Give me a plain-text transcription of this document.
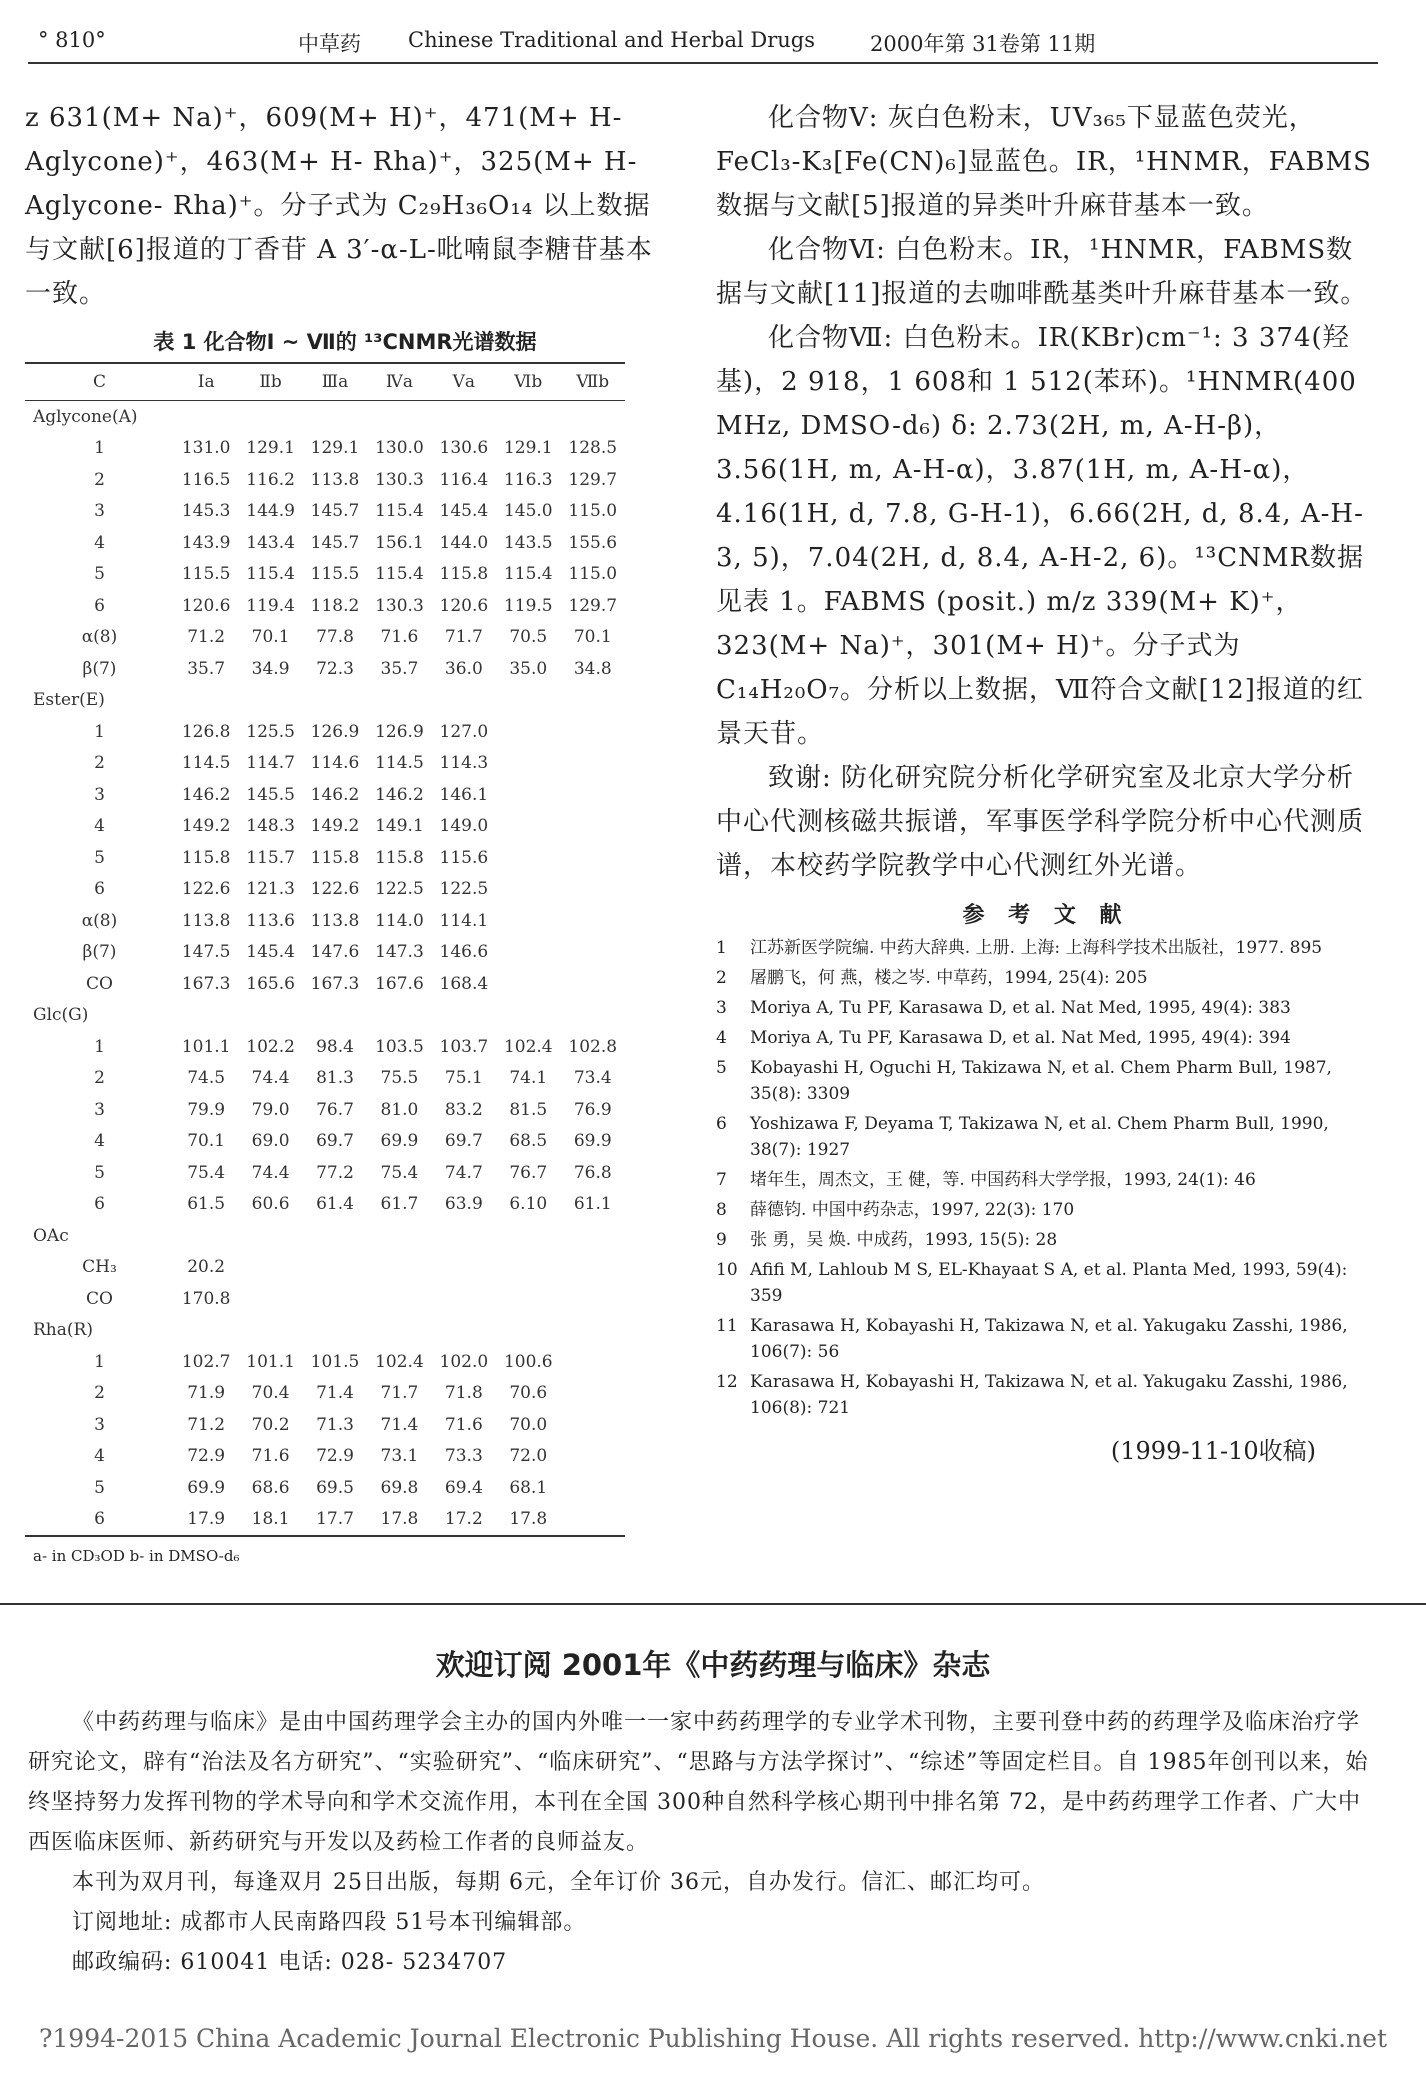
° 810°	中草药 Chinese Traditional and Herbal Drugs	2000年第 31卷第 11期

z 631(M+ Na)⁺，609(M+ H)⁺，471(M+ H-Aglycone)⁺，463(M+ H- Rha)⁺，325(M+ H-Aglycone- Rha)⁺。分子式为 C₂₉H₃₆O₁₄ 以上数据与文献[6]报道的丁香苷 A 3′-α-L-吡喃鼠李糖苷基本一致。

表 1 化合物Ⅰ ~ Ⅶ的 ¹³CNMR光谱数据
C	Ⅰa	Ⅱb	Ⅲa	Ⅳa	Ⅴa	Ⅵb	Ⅶb
Aglycone(A)							
1	131.0	129.1	129.1	130.0	130.6	129.1	128.5
2	116.5	116.2	113.8	130.3	116.4	116.3	129.7
3	145.3	144.9	145.7	115.4	145.4	145.0	115.0
4	143.9	143.4	145.7	156.1	144.0	143.5	155.6
5	115.5	115.4	115.5	115.4	115.8	115.4	115.0
6	120.6	119.4	118.2	130.3	120.6	119.5	129.7
α(8)	71.2	70.1	77.8	71.6	71.7	70.5	70.1
β(7)	35.7	34.9	72.3	35.7	36.0	35.0	34.8
Ester(E)							
1	126.8	125.5	126.9	126.9	127.0		
2	114.5	114.7	114.6	114.5	114.3		
3	146.2	145.5	146.2	146.2	146.1		
4	149.2	148.3	149.2	149.1	149.0		
5	115.8	115.7	115.8	115.8	115.6		
6	122.6	121.3	122.6	122.5	122.5		
α(8)	113.8	113.6	113.8	114.0	114.1		
β(7)	147.5	145.4	147.6	147.3	146.6		
CO	167.3	165.6	167.3	167.6	168.4		
Glc(G)							
1	101.1	102.2	98.4	103.5	103.7	102.4	102.8
2	74.5	74.4	81.3	75.5	75.1	74.1	73.4
3	79.9	79.0	76.7	81.0	83.2	81.5	76.9
4	70.1	69.0	69.7	69.9	69.7	68.5	69.9
5	75.4	74.4	77.2	75.4	74.7	76.7	76.8
6	61.5	60.6	61.4	61.7	63.9	6.10	61.1
OAc							
CH₃	20.2						
CO	170.8						
Rha(R)							
1	102.7	101.1	101.5	102.4	102.0	100.6	
2	71.9	70.4	71.4	71.7	71.8	70.6	
3	71.2	70.2	71.3	71.4	71.6	70.0	
4	72.9	71.6	72.9	73.1	73.3	72.0	
5	69.9	68.6	69.5	69.8	69.4	68.1	
6	17.9	18.1	17.7	17.8	17.2	17.8	
a- in CD₃OD b- in DMSO-d₆

化合物Ⅴ: 灰白色粉末，UV₃₆₅下显蓝色荧光，FeCl₃-K₃[Fe(CN)₆]显蓝色。IR，¹HNMR，FABMS数据与文献[5]报道的异类叶升麻苷基本一致。

化合物Ⅵ: 白色粉末。IR，¹HNMR，FABMS数据与文献[11]报道的去咖啡酰基类叶升麻苷基本一致。

化合物Ⅶ: 白色粉末。IR(KBr)cm⁻¹: 3 374(羟基)，2 918，1 608和 1 512(苯环)。¹HNMR(400 MHz, DMSO-d₆) δ: 2.73(2H, m, A-H-β)，3.56(1H, m, A-H-α)，3.87(1H, m, A-H-α)，4.16(1H, d, 7.8, G-H-1)，6.66(2H, d, 8.4, A-H-3, 5)，7.04(2H, d, 8.4, A-H-2, 6)。¹³CNMR数据见表 1。FABMS (posit.) m/z 339(M+ K)⁺，323(M+ Na)⁺，301(M+ H)⁺。分子式为 C₁₄H₂₀O₇。分析以上数据，Ⅶ符合文献[12]报道的红景天苷。

致谢: 防化研究院分析化学研究室及北京大学分析中心代测核磁共振谱，军事医学科学院分析中心代测质谱，本校药学院教学中心代测红外光谱。

参 考 文 献
1	江苏新医学院编. 中药大辞典. 上册. 上海: 上海科学技术出版社，1977. 895
2	屠鹏飞，何 燕，楼之岑. 中草药，1994, 25(4): 205
3	Moriya A, Tu PF, Karasawa D, et al. Nat Med, 1995, 49(4): 383
4	Moriya A, Tu PF, Karasawa D, et al. Nat Med, 1995, 49(4): 394
5	Kobayashi H, Oguchi H, Takizawa N, et al. Chem Pharm Bull, 1987, 35(8): 3309
6	Yoshizawa F, Deyama T, Takizawa N, et al. Chem Pharm Bull, 1990, 38(7): 1927
7	堵年生，周杰文，王 健，等. 中国药科大学学报，1993, 24(1): 46
8	薛德钧. 中国中药杂志，1997, 22(3): 170
9	张 勇，吴 焕. 中成药，1993, 15(5): 28
10 Afifi M, Lahloub M S, EL-Khayaat S A, et al. Planta Med, 1993, 59(4): 359
11 Karasawa H, Kobayashi H, Takizawa N, et al. Yakugaku Zasshi, 1986, 106(7): 56
12 Karasawa H, Kobayashi H, Takizawa N, et al. Yakugaku Zasshi, 1986, 106(8): 721
(1999-11-10收稿)
欢迎订阅 2001年《中药药理与临床》杂志

《中药药理与临床》是由中国药理学会主办的国内外唯一一家中药药理学的专业学术刊物，主要刊登中药的药理学及临床治疗学研究论文，辟有“治法及名方研究”、“实验研究”、“临床研究”、“思路与方法学探讨”、“综述”等固定栏目。自 1985年创刊以来，始终坚持努力发挥刊物的学术导向和学术交流作用，本刊在全国 300种自然科学核心期刊中排名第 72，是中药药理学工作者、广大中西医临床医师、新药研究与开发以及药检工作者的良师益友。

本刊为双月刊，每逢双月 25日出版，每期 6元，全年订价 36元，自办发行。信汇、邮汇均可。

订阅地址: 成都市人民南路四段 51号本刊编辑部。

邮政编码: 610041 电话: 028- 5234707

?1994-2015 China Academic Journal Electronic Publishing House. All rights reserved. http://www.cnki.net
